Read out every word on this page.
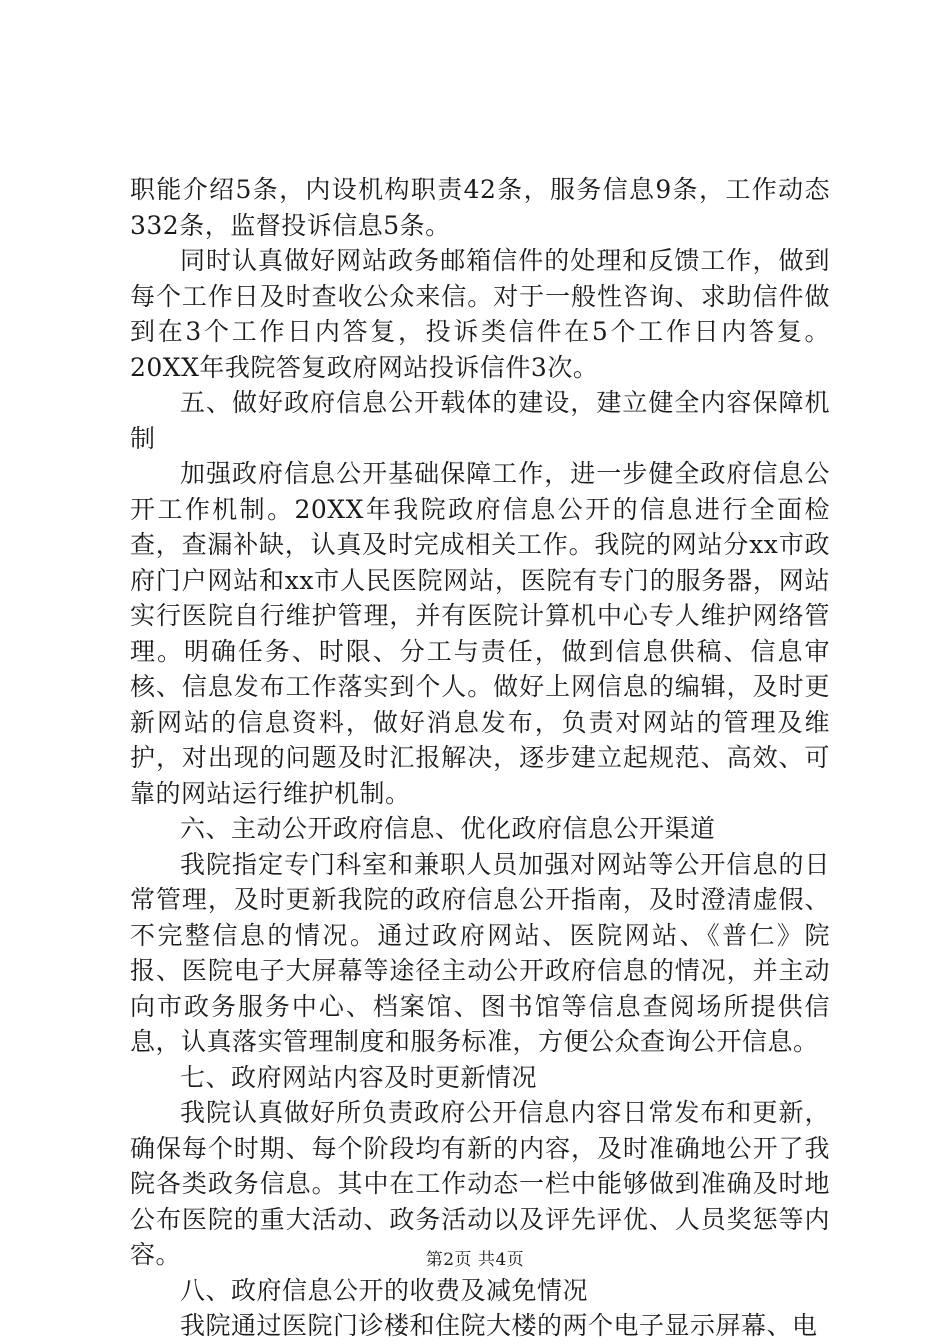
职能介绍5条，内设机构职责42条，服务信息9条，工作动态332条，监督投诉信息5条。

同时认真做好网站政务邮箱信件的处理和反馈工作，做到每个工作日及时查收公众来信。对于一般性咨询、求助信件做到在3个工作日内答复，投诉类信件在5个工作日内答复。20XX年我院答复政府网站投诉信件3次。

五、做好政府信息公开载体的建设，建立健全内容保障机制

加强政府信息公开基础保障工作，进一步健全政府信息公开工作机制。20XX年我院政府信息公开的信息进行全面检查，查漏补缺，认真及时完成相关工作。我院的网站分xx市政府门户网站和xx市人民医院网站，医院有专门的服务器，网站实行医院自行维护管理，并有医院计算机中心专人维护网络管理。明确任务、时限、分工与责任，做到信息供稿、信息审核、信息发布工作落实到个人。做好上网信息的编辑，及时更新网站的信息资料，做好消息发布，负责对网站的管理及维护，对出现的问题及时汇报解决，逐步建立起规范、高效、可靠的网站运行维护机制。

六、主动公开政府信息、优化政府信息公开渠道

我院指定专门科室和兼职人员加强对网站等公开信息的日常管理，及时更新我院的政府信息公开指南，及时澄清虚假、不完整信息的情况。通过政府网站、医院网站、《普仁》院报、医院电子大屏幕等途径主动公开政府信息的情况，并主动向市政务服务中心、档案馆、图书馆等信息查阅场所提供信息，认真落实管理制度和服务标准，方便公众查询公开信息。

七、政府网站内容及时更新情况

我院认真做好所负责政府公开信息内容日常发布和更新，确保每个时期、每个阶段均有新的内容，及时准确地公开了我院各类政务信息。其中在工作动态一栏中能够做到准确及时地公布医院的重大活动、政务活动以及评先评优、人员奖惩等内容。

八、政府信息公开的收费及减免情况

我院通过医院门诊楼和住院大楼的两个电子显示屏幕、电

第2页 共4页
